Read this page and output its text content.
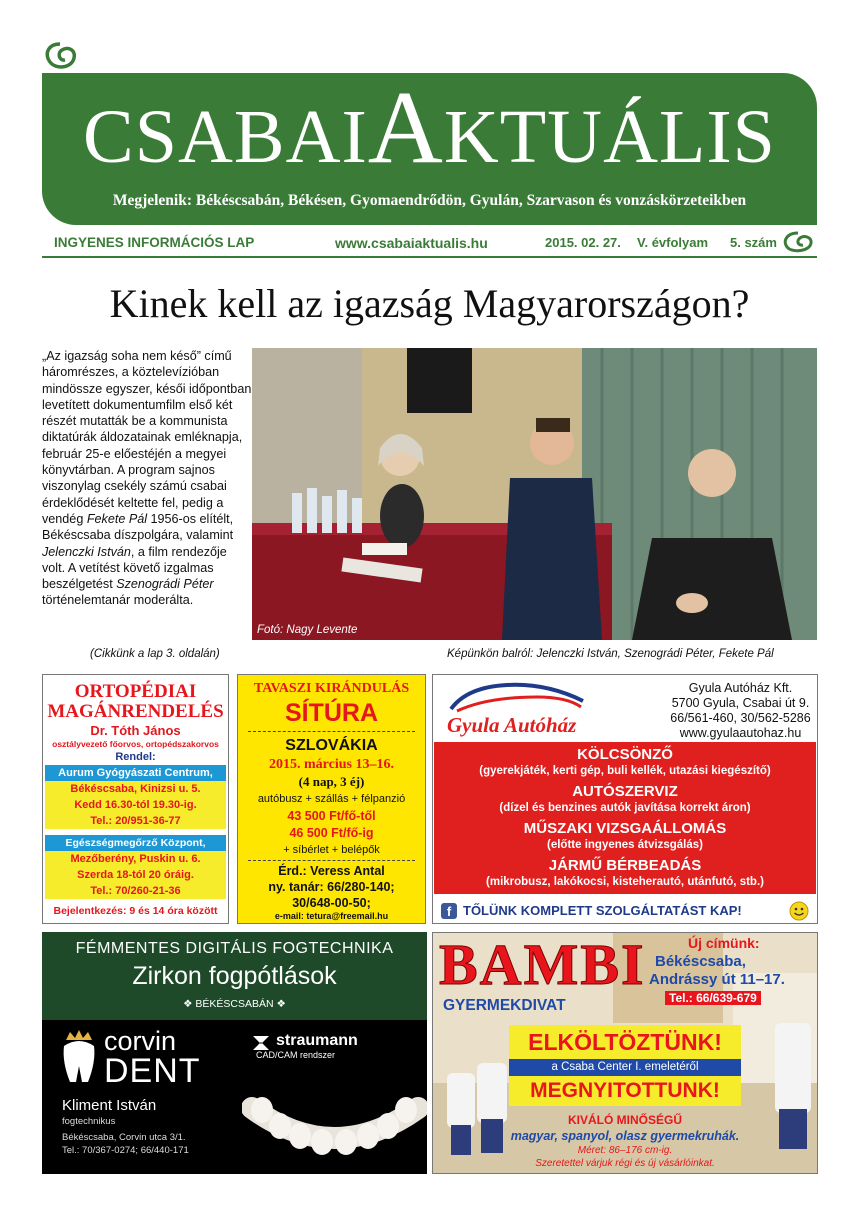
CSABAIAKTUÁLIS
Megjelenik: Békéscsabán, Békésen, Gyomaendrődön, Gyulán, Szarvason és vonzáskörzeteikben
INGYENES INFORMÁCIÓS LAP	www.csabaiaktualis.hu	2015. 02. 27. V. évfolyam 5. szám
Kinek kell az igazság Magyarországon?

„Az igazság soha nem késő” című háromrészes, a köztelevízióban mindössze egyszer, késői időpontban levetített dokumentumfilm első két részét mutatták be a kommunista diktatúrák áldozatainak emléknapja, február 25-e előestéjén a megyei könyvtárban. A program sajnos viszonylag csekély számú csabai érdeklődését keltette fel, pedig a vendég Fekete Pál 1956-os elítélt, Békéscsaba díszpolgára, valamint Jelenczki István, a film rendezője volt. A vetítést követő izgalmas beszélgetést Szenográdi Péter történelemtanár moderálta.

(Cikkünk a lap 3. oldalán)
Fotó: Nagy Levente
Képünkön balról: Jelenczki István, Szenográdi Péter, Fekete Pál
ORTOPÉDIAI
MAGÁNRENDELÉS
Dr. Tóth János
osztályvezető főorvos, ortopédszakorvos
Rendel:
Aurum Gyógyászati Centrum,
Békéscsaba, Kinizsi u. 5.
Kedd 16.30-tól 19.30-ig.
Tel.: 20/951-36-77
Egészségmegőrző Központ,
Mezőberény, Puskin u. 6.
Szerda 18-tól 20 óráig.
Tel.: 70/260-21-36
Bejelentkezés: 9 és 14 óra között
TAVASZI KIRÁNDULÁS
SÍTÚRA
SZLOVÁKIA
2015. március 13–16.
(4 nap, 3 éj)
autóbusz + szállás + félpanzió
43 500 Ft/fő-től
46 500 Ft/fő-ig
+ síbérlet + belépők
Érd.: Veress Antal
ny. tanár: 66/280-140;
30/648-00-50;
e-mail: tetura@freemail.hu
Gyula Autóház
Gyula Autóház Kft.
5700 Gyula, Csabai út 9.
66/561-460, 30/562-5286
www.gyulaautohaz.hu
KÖLCSÖNZŐ
(gyerekjáték, kerti gép, buli kellék, utazási kiegészítő)
AUTÓSZERVIZ
(dízel és benzines autók javítása korrekt áron)
MŰSZAKI VIZSGAÁLLOMÁS
(előtte ingyenes átvizsgálás)
JÁRMŰ BÉRBEADÁS
(mikrobusz, lakókocsi, kisteherautó, utánfutó, stb.)
f TŐLÜNK KOMPLETT SZOLGÁLTATÁST KAP!
FÉMMENTES DIGITÁLIS FOGTECHNIKA
Zirkon fogpótlások
❖ BÉKÉSCSABÁN ❖
corvin
DENT
straumann
CAD/CAM rendszer
Kliment István
fogtechnikus
Békéscsaba, Corvin utca 3/1.
Tel.: 70/367-0274; 66/440-171
BAMBI
GYERMEKDIVAT
Új címünk:
Békéscsaba,
Andrássy út 11–17.
Tel.: 66/639-679
ELKÖLTÖZTÜNK!
a Csaba Center I. emeletéről
MEGNYITOTTUNK!
KIVÁLÓ MINŐSÉGŰ
magyar, spanyol, olasz gyermekruhák.
Méret: 86–176 cm-ig.
Szeretettel várjuk régi és új vásárlóinkat.
